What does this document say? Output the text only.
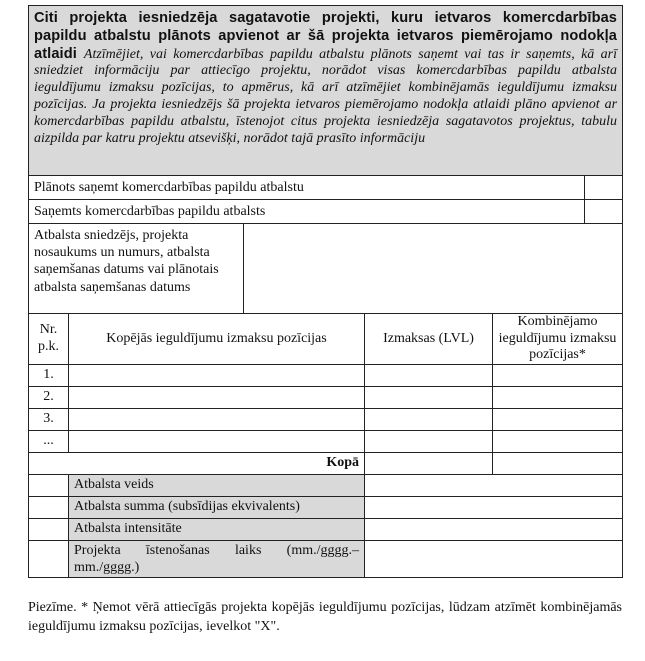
Citi projekta iesniedzēja sagatavotie projekti, kuru ietvaros komercdarbības papildu atbalstu plānots apvienot ar šā projekta ietvaros piemērojamo nodokļa atlaidi Atzīmējiet, vai komercdarbības papildu atbalstu plānots saņemt vai tas ir saņemts, kā arī sniedziet informāciju par attiecīgo projektu, norādot visas komercdarbības papildu atbalsta ieguldījumu izmaksu pozīcijas, to apmērus, kā arī atzīmējiet kombinējamās ieguldījumu izmaksu pozīcijas. Ja projekta iesniedzējs šā projekta ietvaros piemērojamo nodokļa atlaidi plāno apvienot ar komercdarbības papildu atbalstu, īstenojot citus projekta iesniedzēja sagatavotos projektus, tabulu aizpilda par katru projektu atsevišķi, norādot tajā prasīto informāciju					
Plānots saņemt komercdarbības papildu atbalstu					
Saņemts komercdarbības papildu atbalsts					
Atbalsta sniedzējs, projekta nosaukums un numurs, atbalsta saņemšanas datums vai plānotais atbalsta saņemšanas datums					
Nr. p.k.	Kopējās ieguldījumu izmaksu pozīcijas		Izmaksas (LVL)	Kombinējamo ieguldījumu izmaksu pozīcijas*	
1.					
2.					
3.					
...					
Kopā					
	Atbalsta veids				
	Atbalsta summa (subsīdijas ekvivalents)				
	Atbalsta intensitāte				
	Projekta īstenošanas laiks (mm./gggg.– mm./gggg.)				
Piezīme. * Ņemot vērā attiecīgās projekta kopējās ieguldījumu pozīcijas, lūdzam atzīmēt kombinējamās ieguldījumu izmaksu pozīcijas, ievelkot "X".
